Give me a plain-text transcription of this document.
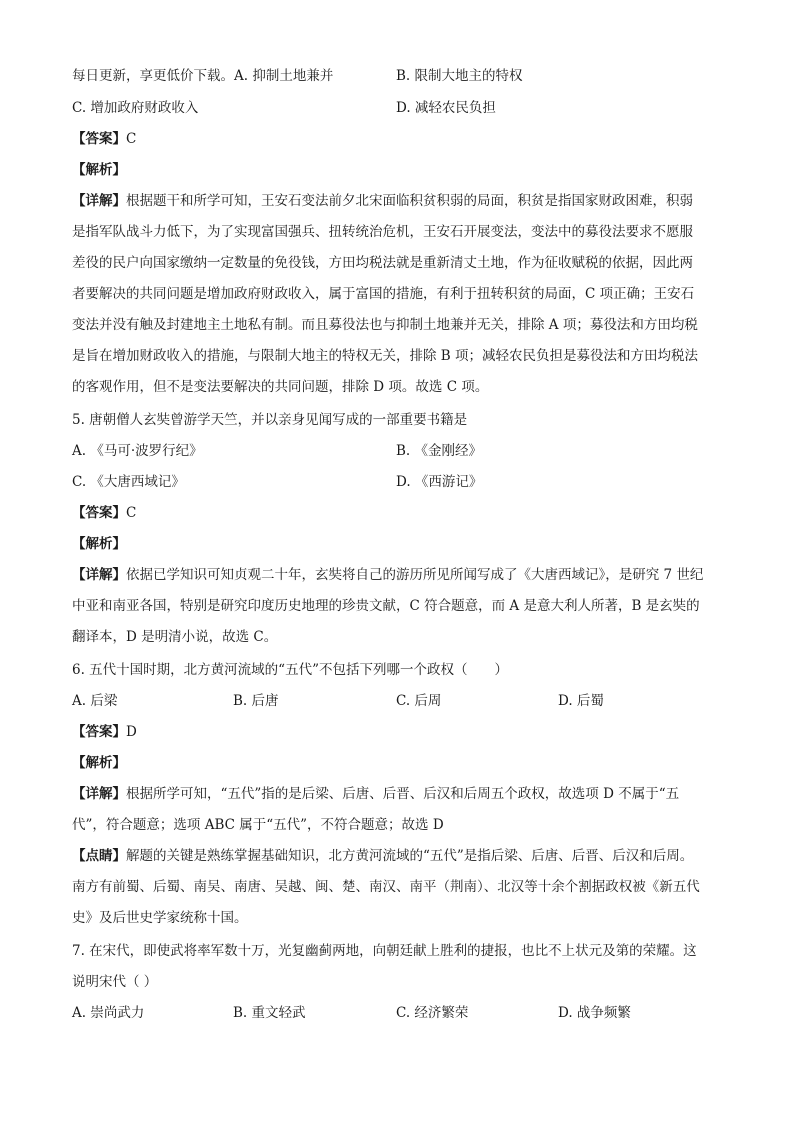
每日更新，享更低价下载。A. 抑制土地兼并	B. 限制大地主的特权
C. 增加政府财政收入	D. 减轻农民负担
【答案】C
【解析】
【详解】根据题干和所学可知，王安石变法前夕北宋面临积贫积弱的局面，积贫是指国家财政困难，积弱
是指军队战斗力低下，为了实现富国强兵、扭转统治危机，王安石开展变法，变法中的募役法要求不愿服
差役的民户向国家缴纳一定数量的免役钱，方田均税法就是重新清丈土地，作为征收赋税的依据，因此两
者要解决的共同问题是增加政府财政收入，属于富国的措施，有利于扭转积贫的局面，C 项正确；王安石
变法并没有触及封建地主土地私有制。而且募役法也与抑制土地兼并无关，排除 A 项；募役法和方田均税
是旨在增加财政收入的措施，与限制大地主的特权无关，排除 B 项；减轻农民负担是募役法和方田均税法
的客观作用，但不是变法要解决的共同问题，排除 D 项。故选 C 项。
5. 唐朝僧人玄奘曾游学天竺，并以亲身见闻写成的一部重要书籍是
A. 《马可·波罗行纪》	B. 《金刚经》
C. 《大唐西域记》	D. 《西游记》
【答案】C
【解析】
【详解】依据已学知识可知贞观二十年，玄奘将自己的游历所见所闻写成了《大唐西域记》，是研究 7 世纪
中亚和南亚各国，特别是研究印度历史地理的珍贵文献，C 符合题意，而 A 是意大利人所著，B 是玄奘的
翻译本，D 是明清小说，故选 C。
6. 五代十国时期，北方黄河流域的“五代”不包括下列哪一个政权（　　）
A. 后梁	B. 后唐	C. 后周	D. 后蜀
【答案】D
【解析】
【详解】根据所学可知，“五代”指的是后梁、后唐、后晋、后汉和后周五个政权，故选项 D 不属于“五
代”，符合题意；选项 ABC 属于“五代”，不符合题意；故选 D
【点睛】解题的关键是熟练掌握基础知识，北方黄河流域的“五代”是指后梁、后唐、后晋、后汉和后周。
南方有前蜀、后蜀、南吴、南唐、吴越、闽、楚、南汉、南平（荆南）、北汉等十余个割据政权被《新五代
史》及后世史学家统称十国。
7. 在宋代，即使武将率军数十万，光复幽蓟两地，向朝廷献上胜利的捷报，也比不上状元及第的荣耀。这
说明宋代（ ）
A. 崇尚武力	B. 重文轻武	C. 经济繁荣	D. 战争频繁
